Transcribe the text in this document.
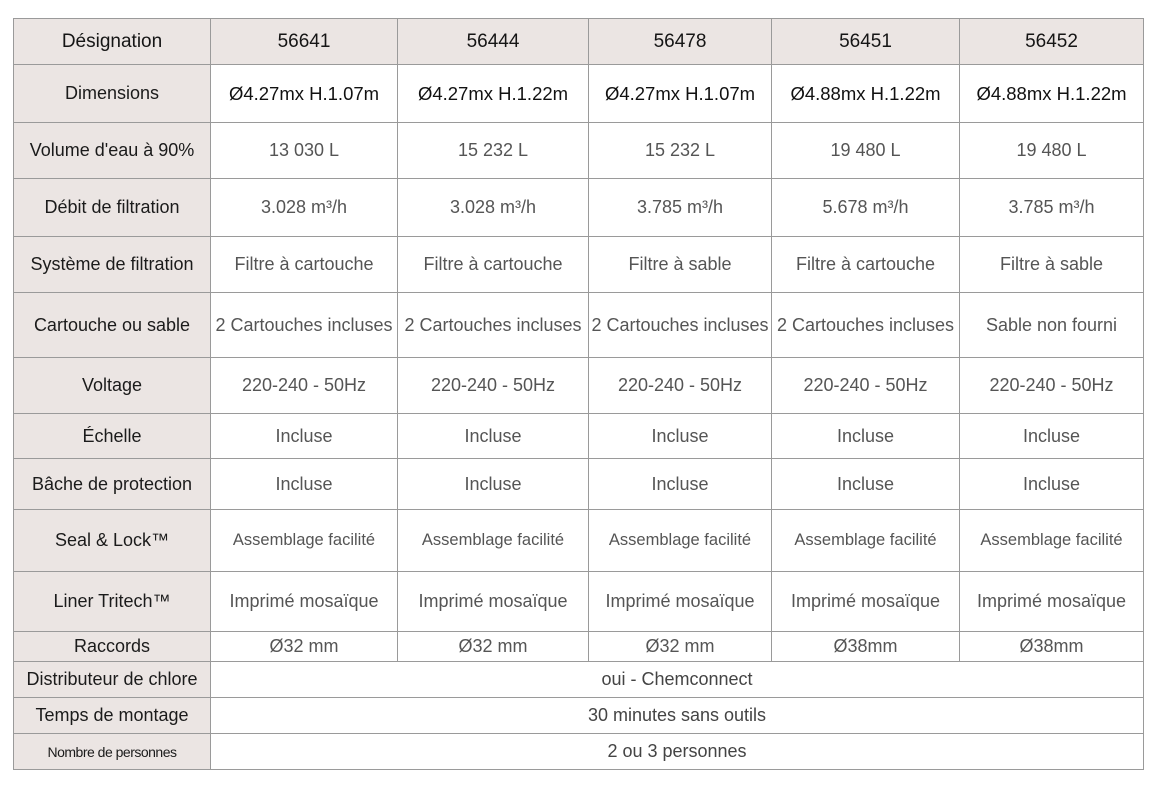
Désignation	56641	56444	56478	56451	56452
Dimensions	Ø4.27mx H.1.07m	Ø4.27mx H.1.22m	Ø4.27mx H.1.07m	Ø4.88mx H.1.22m	Ø4.88mx H.1.22m
Volume d'eau à 90%	13 030 L	15 232 L	15 232 L	19 480 L	19 480 L
Débit de filtration	3.028 m³/h	3.028 m³/h	3.785 m³/h	5.678 m³/h	3.785 m³/h
Système de filtration	Filtre à cartouche	Filtre à cartouche	Filtre à sable	Filtre à cartouche	Filtre à sable
Cartouche ou sable	2 Cartouches incluses	2 Cartouches incluses	2 Cartouches incluses	2 Cartouches incluses	Sable non fourni
Voltage	220-240 - 50Hz	220-240 - 50Hz	220-240 - 50Hz	220-240 - 50Hz	220-240 - 50Hz
Échelle	Incluse	Incluse	Incluse	Incluse	Incluse
Bâche de protection	Incluse	Incluse	Incluse	Incluse	Incluse
Seal & Lock™	Assemblage facilité	Assemblage facilité	Assemblage facilité	Assemblage facilité	Assemblage facilité
Liner Tritech™	Imprimé mosaïque	Imprimé mosaïque	Imprimé mosaïque	Imprimé mosaïque	Imprimé mosaïque
Raccords	Ø32 mm	Ø32 mm	Ø32 mm	Ø38mm	Ø38mm
Distributeur de chlore	oui - Chemconnect				
Temps de montage	30 minutes sans outils				
Nombre de personnes	2 ou 3 personnes				
